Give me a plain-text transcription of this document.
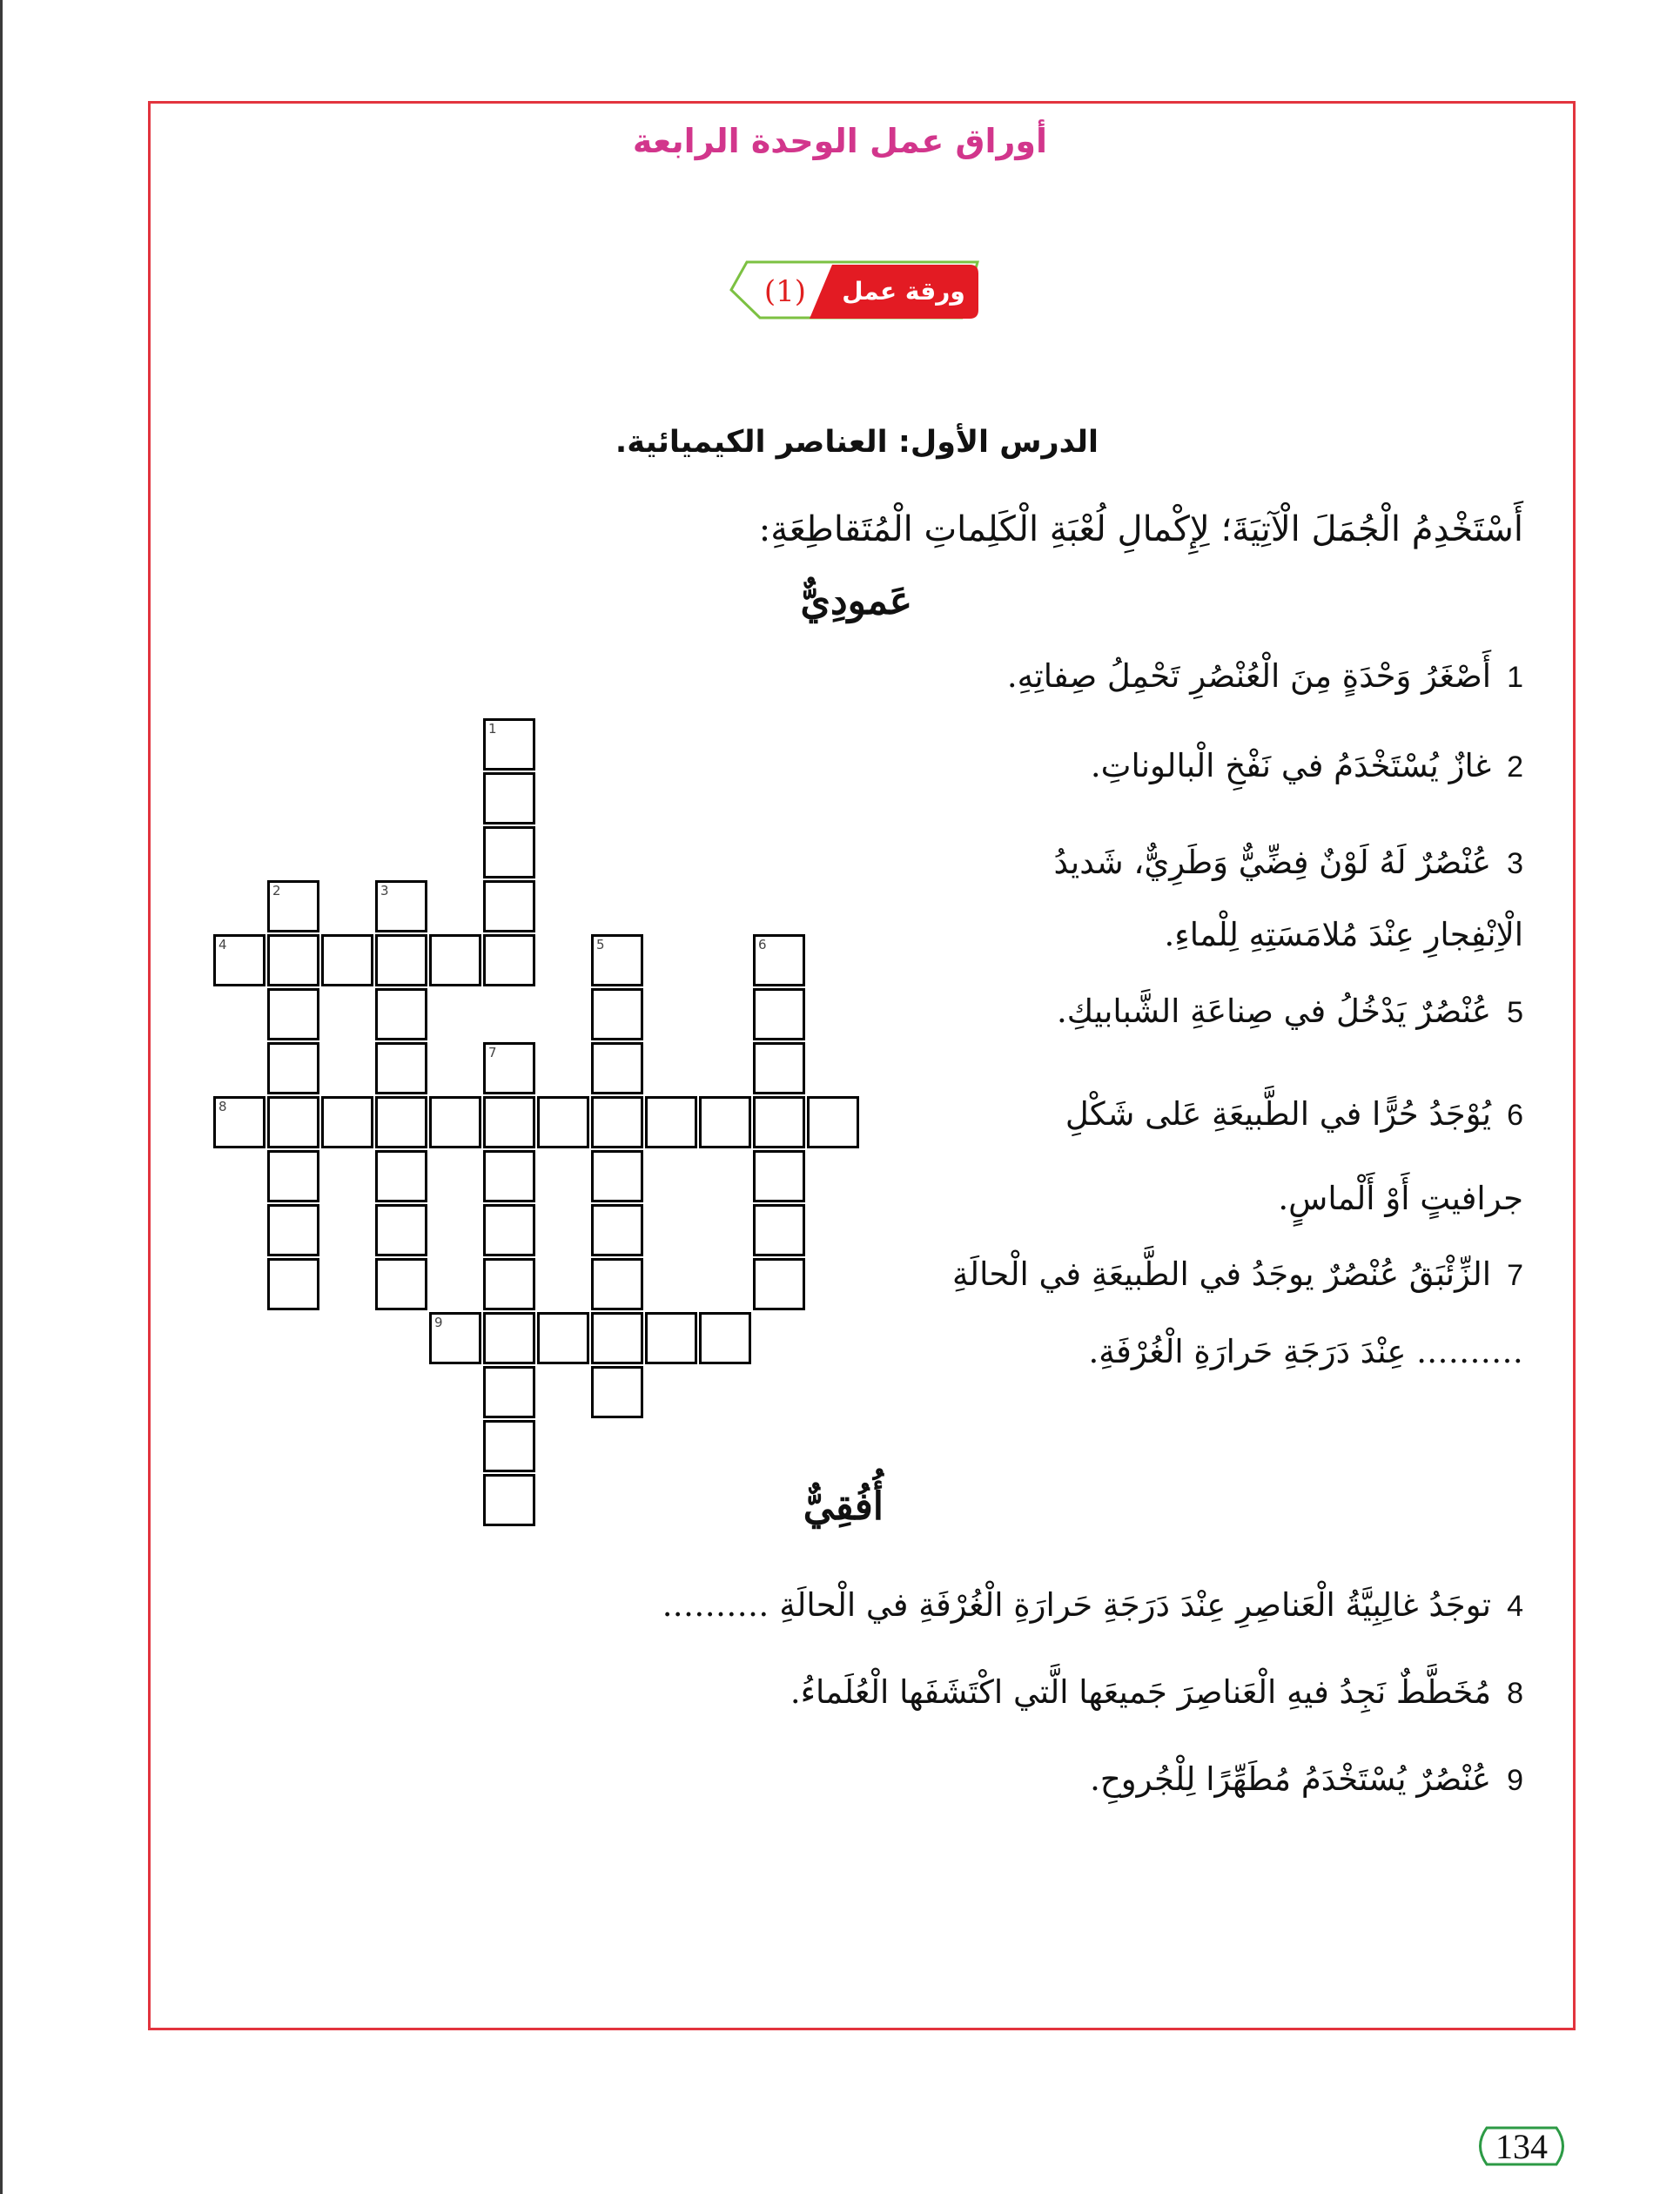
أوراق عمل الوحدة الرابعة
ورقة عمل
(1)
الدرس الأول: العناصر الكيميائية.
أَسْتَخْدِمُ الْجُمَلَ الْآتِيَةَ؛ لِإِكْمالِ لُعْبَةِ الْكَلِماتِ الْمُتَقاطِعَةِ:
عَمودِيٌّ
1أَصْغَرُ وَحْدَةٍ مِنَ الْعُنْصُرِ تَحْمِلُ صِفاتِهِ.
2غازٌ يُسْتَخْدَمُ في نَفْخِ الْبالوناتِ.
3عُنْصُرٌ لَهُ لَوْنٌ فِضِّيٌّ وَطَرِيٌّ، شَديدُ
الْاِنْفِجارِ عِنْدَ مُلامَسَتِهِ لِلْماءِ.
5عُنْصُرٌ يَدْخُلُ في صِناعَةِ الشَّبابيكِ.
6يُوْجَدُ حُرًّا في الطَّبيعَةِ عَلى شَكْلِ
جرافيتٍ أَوْ أَلْماسٍ.
7الزِّئْبَقُ عُنْصُرٌ يوجَدُ في الطَّبيعَةِ في الْحالَةِ
………. عِنْدَ دَرَجَةِ حَرارَةِ الْغُرْفَةِ.
أُفُقِيٌّ
4توجَدُ غالِبِيَّةُ الْعَناصِرِ عِنْدَ دَرَجَةِ حَرارَةِ الْغُرْفَةِ في الْحالَةِ ……….
8مُخَطَّطٌ نَجِدُ فيهِ الْعَناصِرَ جَميعَها الَّتي اكْتَشَفَها الْعُلَماءُ.
9عُنْصُرٌ يُسْتَخْدَمُ مُطَهِّرًا لِلْجُروحِ.
1
2	3
4	5	6
7
8
9
134
